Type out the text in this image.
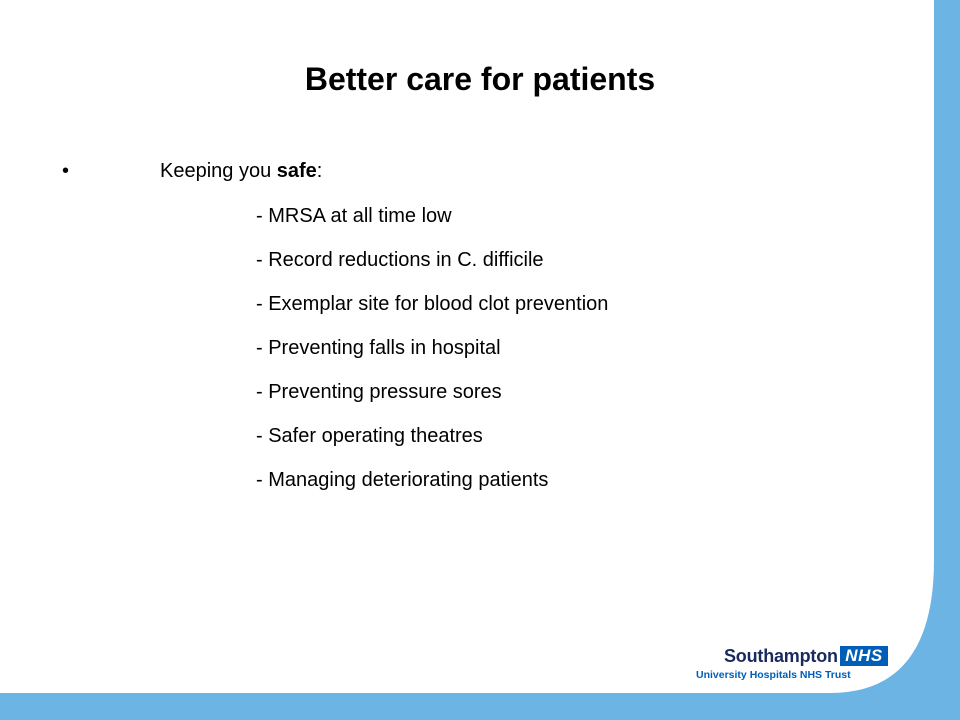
Better care for patients
•	Keeping you safe:
- MRSA at all time low
- Record reductions in C. difficile
- Exemplar site for blood clot prevention
- Preventing falls in hospital
- Preventing pressure sores
- Safer operating theatres
- Managing deteriorating patients
Southampton NHS
University Hospitals NHS Trust
